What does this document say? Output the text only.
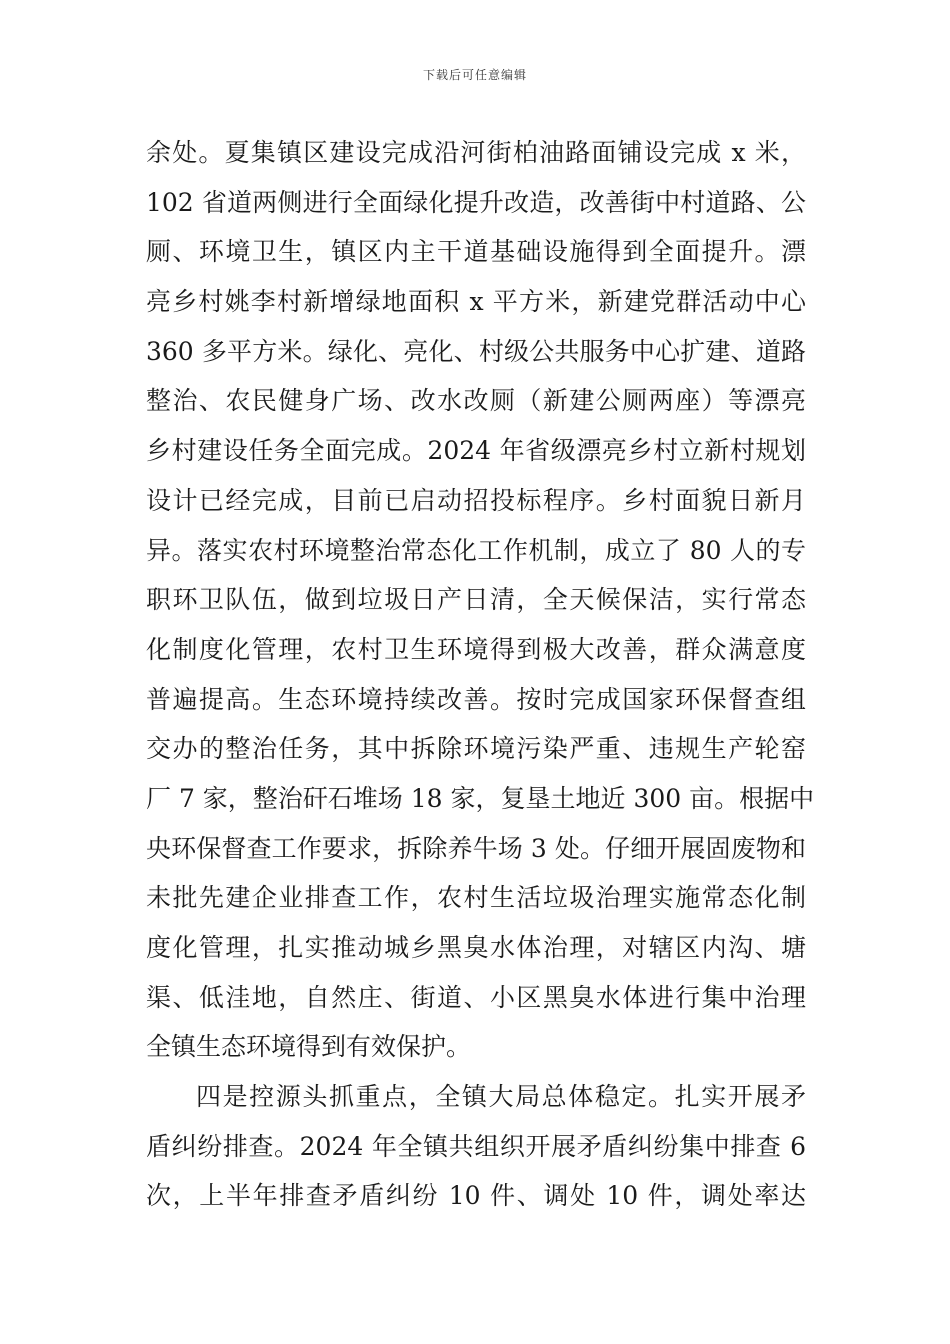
下载后可任意编辑
余处。夏集镇区建设完成沿河街柏油路面铺设完成 x 米，
102 省道两侧进行全面绿化提升改造，改善街中村道路、公
厕、环境卫生，镇区内主干道基础设施得到全面提升。漂
亮乡村姚李村新增绿地面积 x 平方米，新建党群活动中心
360 多平方米。绿化、亮化、村级公共服务中心扩建、道路
整治、农民健身广场、改水改厕（新建公厕两座）等漂亮
乡村建设任务全面完成。2024 年省级漂亮乡村立新村规划
设计已经完成，目前已启动招投标程序。乡村面貌日新月
异。落实农村环境整治常态化工作机制，成立了 80 人的专
职环卫队伍，做到垃圾日产日清，全天候保洁，实行常态
化制度化管理，农村卫生环境得到极大改善，群众满意度
普遍提高。生态环境持续改善。按时完成国家环保督查组
交办的整治任务，其中拆除环境污染严重、违规生产轮窑
厂 7 家，整治矸石堆场 18 家，复垦土地近 300 亩。根据中
央环保督查工作要求，拆除养牛场 3 处。仔细开展固废物和
未批先建企业排查工作，农村生活垃圾治理实施常态化制
度化管理，扎实推动城乡黑臭水体治理，对辖区内沟、塘
渠、低洼地，自然庄、街道、小区黑臭水体进行集中治理
全镇生态环境得到有效保护。
四是控源头抓重点，全镇大局总体稳定。扎实开展矛
盾纠纷排查。2024 年全镇共组织开展矛盾纠纷集中排查 6
次，上半年排查矛盾纠纷 10 件、调处 10 件，调处率达
